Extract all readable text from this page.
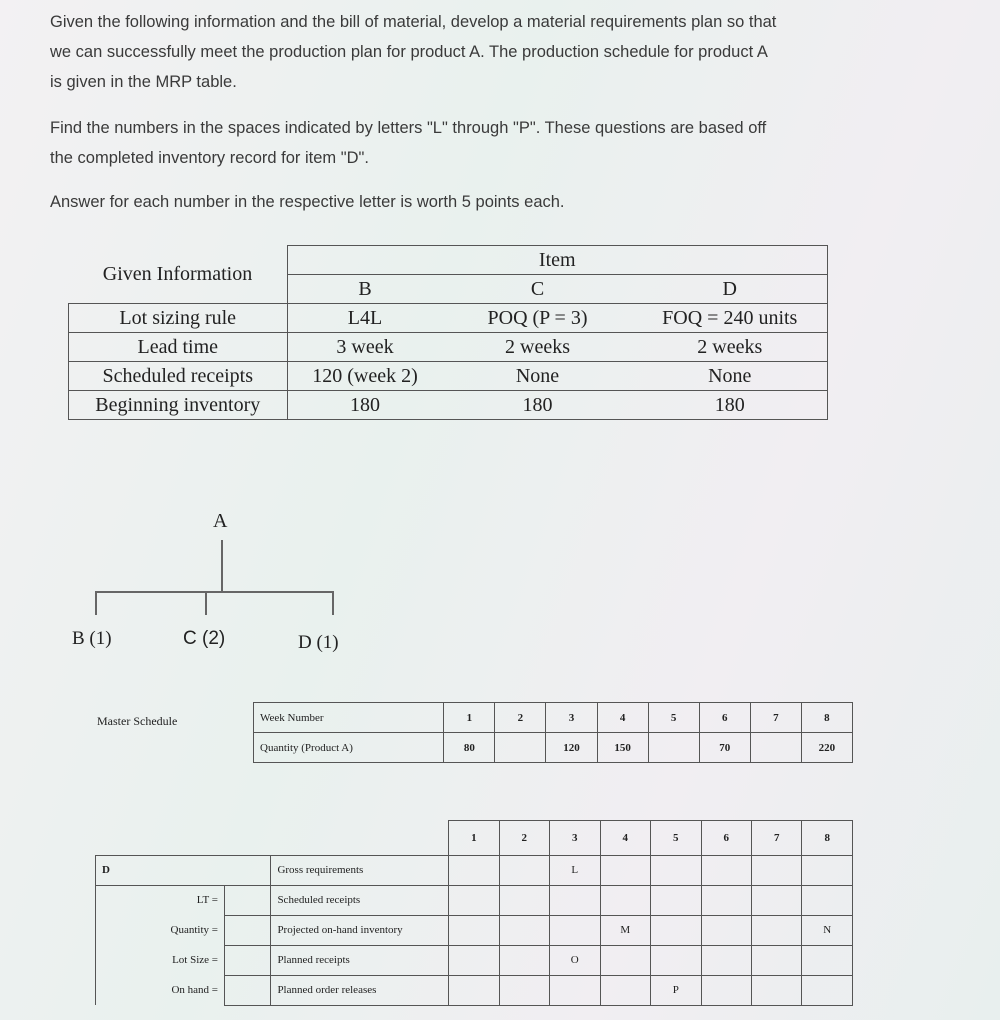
Given the following information and the bill of material, develop a material requirements plan so that
we can successfully meet the production plan for product A. The production schedule for product A
is given in the MRP table.
Find the numbers in the spaces indicated by letters "L" through "P". These questions are based off
the completed inventory record for item "D".
Answer for each number in the respective letter is worth 5 points each.
Given Information	Item		
	B	C	D
Lot sizing rule	L4L	POQ (P = 3)	FOQ = 240 units
Lead time	3 week	2 weeks	2 weeks
Scheduled receipts	120 (week 2)	None	None
Beginning inventory	180	180	180
A
B (1)	C (2)	D (1)
Master Schedule	Week Number	1	2	3	4	5	6	7	8
Quantity (Product A)	80		120	150		70		220
			1	2	3	4	5	6	7	8
D		Gross requirements			L					
LT =		Scheduled receipts								
Quantity =		Projected on-hand inventory				M				N
Lot Size =		Planned receipts			O					
On hand =		Planned order releases					P			
